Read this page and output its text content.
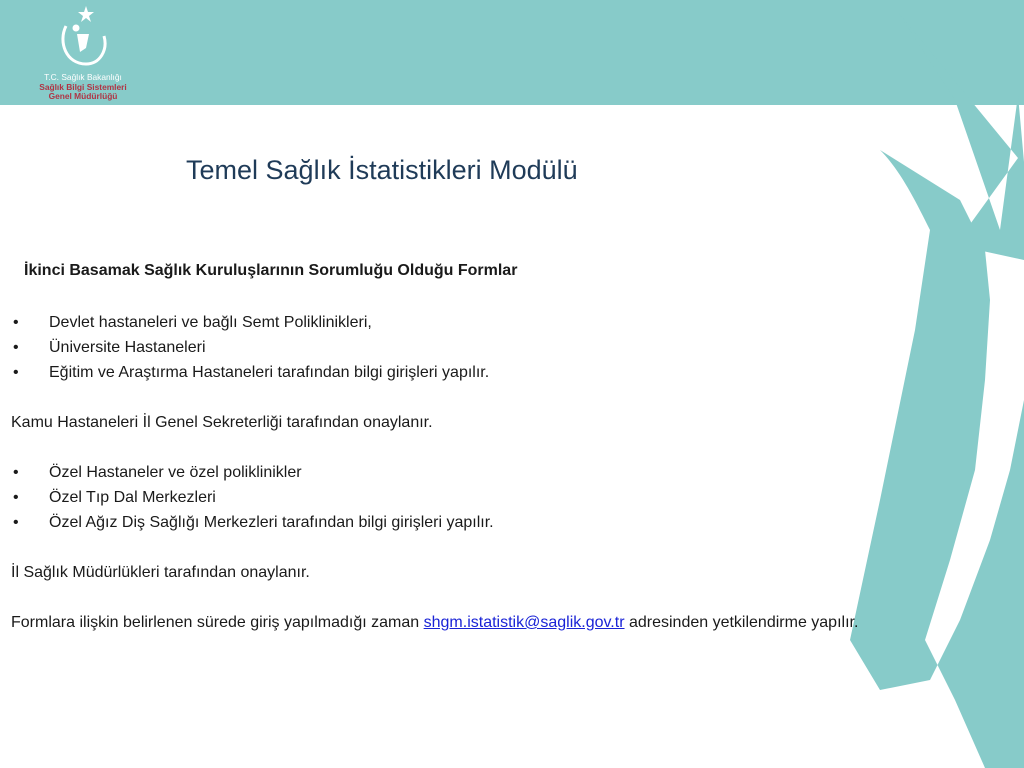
T.C. Sağlık Bakanlığı
Sağlık Bilgi Sistemleri
Genel Müdürlüğü
Temel Sağlık İstatistikleri Modülü
İkinci Basamak Sağlık Kuruluşlarının Sorumluğu Olduğu Formlar
• Devlet hastaneleri ve bağlı Semt Poliklinikleri,
• Üniversite Hastaneleri
• Eğitim ve Araştırma Hastaneleri tarafından bilgi girişleri yapılır.
Kamu Hastaneleri İl Genel Sekreterliği tarafından onaylanır.
• Özel Hastaneler ve özel poliklinikler
• Özel Tıp Dal Merkezleri
• Özel Ağız Diş Sağlığı Merkezleri tarafından bilgi girişleri yapılır.
İl Sağlık Müdürlükleri tarafından onaylanır.
Formlara ilişkin belirlenen sürede giriş yapılmadığı zaman shgm.istatistik@saglik.gov.tr adresinden yetkilendirme yapılır.
